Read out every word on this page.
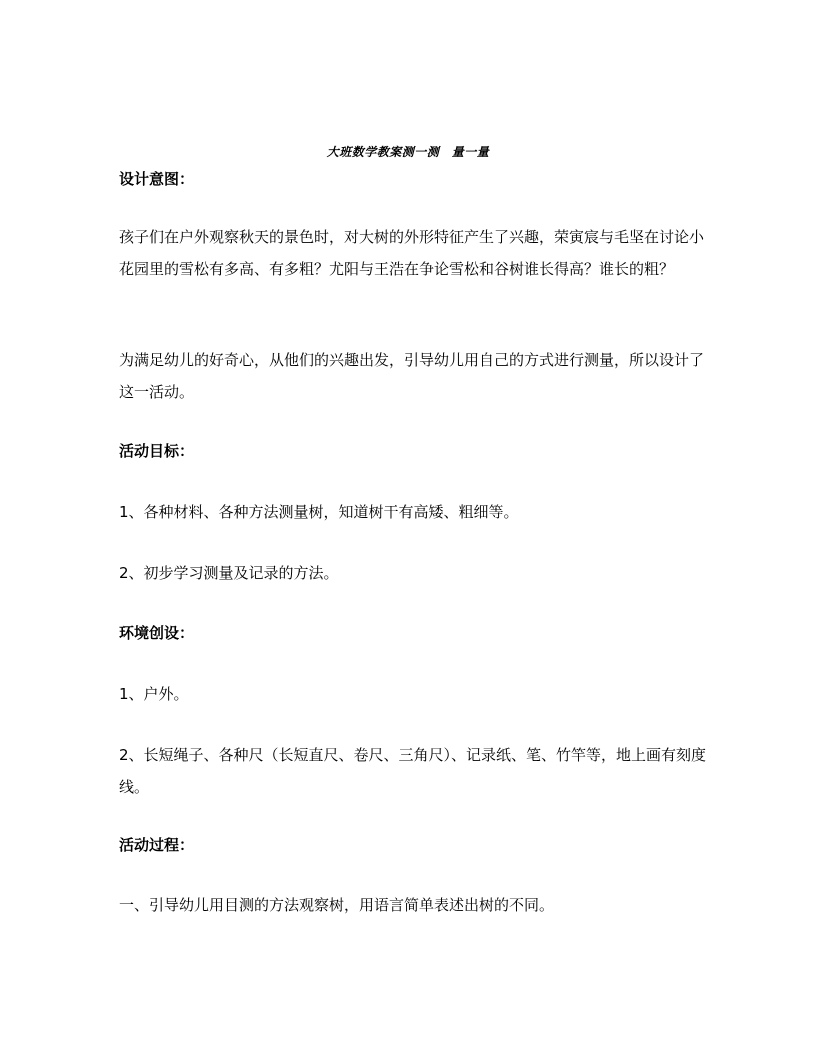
大班数学教案测一测　量一量

设计意图：

孩子们在户外观察秋天的景色时，对大树的外形特征产生了兴趣，荣寅宸与毛坚在讨论小花园里的雪松有多高、有多粗？尤阳与王浩在争论雪松和谷树谁长得高？谁长的粗？

为满足幼儿的好奇心，从他们的兴趣出发，引导幼儿用自己的方式进行测量，所以设计了这一活动。

活动目标：

1、各种材料、各种方法测量树，知道树干有高矮、粗细等。

2、初步学习测量及记录的方法。

环境创设：

1、户外。

2、长短绳子、各种尺（长短直尺、卷尺、三角尺）、记录纸、笔、竹竿等，地上画有刻度线。

活动过程：

一、引导幼儿用目测的方法观察树，用语言简单表述出树的不同。
